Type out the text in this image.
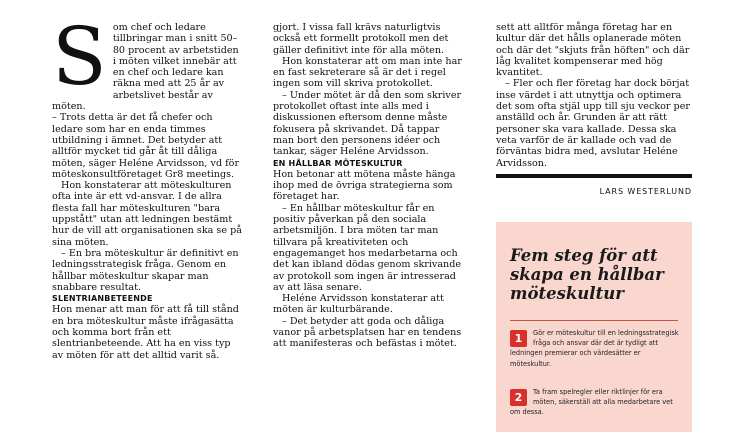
S om chef och ledare tillbringar man i snitt 50–80 procent av arbetstiden i möten vilket innebär att en chef och ledare kan räkna med att 25 år av arbetslivet består av möten.

– Trots detta är det få chefer och ledare som har en enda timmes utbildning i ämnet. Det betyder att alltför mycket tid går åt till dåliga möten, säger Heléne Arvidsson, vd för möteskonsultföretaget Gr8 meetings.

Hon konstaterar att möteskulturen ofta inte är ett vd-ansvar. I de allra flesta fall har möteskulturen "bara uppstått" utan att ledningen bestämt hur de vill att organisationen ska se på sina möten.

– En bra möteskultur är definitivt en ledningsstrategisk fråga. Genom en hållbar möteskultur skapar man snabbare resultat.

SLENTRIANBETEENDE

Hon menar att man för att få till stånd en bra möteskultur måste ifrågasätta och komma bort från ett slentrianbeteende. Att ha en viss typ av möten för att det alltid varit så.

gjort. I vissa fall krävs naturligtvis också ett formellt protokoll men det gäller definitivt inte för alla möten.

Hon konstaterar att om man inte har en fast sekreterare så är det i regel ingen som vill skriva protokollet.

– Under mötet är då den som skriver protokollet oftast inte alls med i diskussionen eftersom denne måste fokusera på skrivandet. Då tappar man bort den personens idéer och tankar, säger Heléne Arvidsson.

EN HÅLLBAR MÖTESKULTUR

Hon betonar att mötena måste hänga ihop med de övriga strategierna som företaget har.

– En hållbar möteskultur får en positiv påverkan på den sociala arbetsmiljön. I bra möten tar man tillvara på kreativiteten och engagemanget hos medarbetarna och det kan ibland dödas genom skrivande av protokoll som ingen är intresserad av att läsa senare.

Heléne Arvidsson konstaterar att möten är kulturbärande.

– Det betyder att goda och dåliga vanor på arbetsplatsen har en tendens att manifesteras och befästas i mötet.

sett att alltför många företag har en kultur där det hålls oplanerade möten och där det "skjuts från höften" och där låg kvalitet kompenserar med hög kvantitet.

– Fler och fler företag har dock börjat inse värdet i att utnyttja och optimera det som ofta stjäl upp till sju veckor per anställd och år. Grunden är att rätt personer ska vara kallade. Dessa ska veta varför de är kallade och vad de förväntas bidra med, avslutar Heléne Arvidsson.

LARS WESTERLUND
Fem steg för att skapa en hållbar möteskultur
1	Gör er möteskultur till en ledningsstrategisk fråga och ansvar där det är tydligt att ledningen premierar och värdesätter er möteskultur.
2	Ta fram spelregler eller riktlinjer för era möten, säkerställ att alla medarbetare vet om dessa.
